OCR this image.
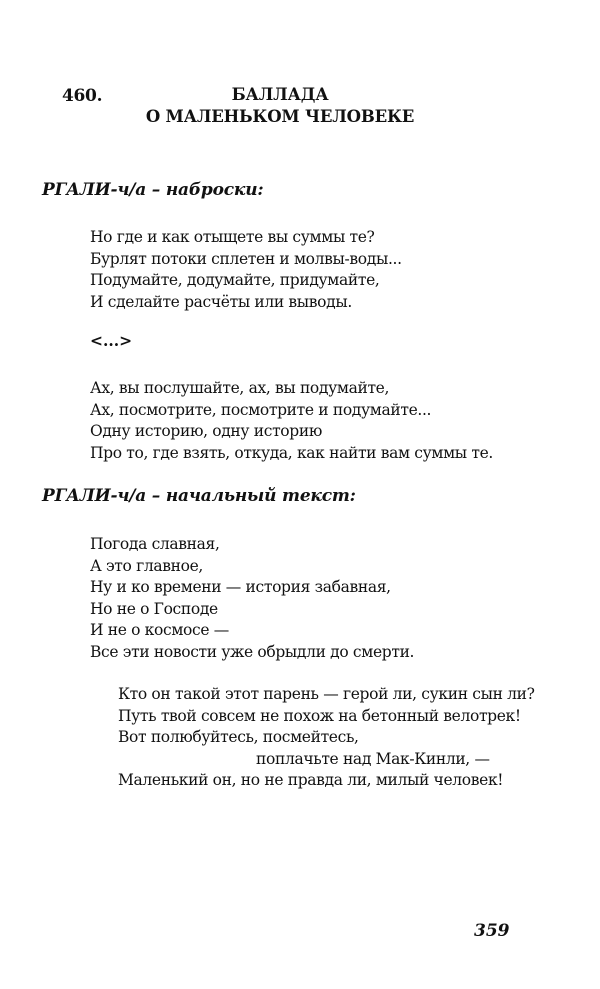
460.	БАЛЛАДА
О МАЛЕНЬКОМ ЧЕЛОВЕКЕ
РГАЛИ-ч/а – наброски:
Но где и как отыщете вы суммы те?
Бурлят потоки сплетен и молвы-воды...
Подумайте, додумайте, придумайте,
И сделайте расчёты или выводы.
<...>
Ах, вы послушайте, ах, вы подумайте,
Ах, посмотрите, посмотрите и подумайте...
Одну историю, одну историю
Про то, где взять, откуда, как найти вам суммы те.
РГАЛИ-ч/а – начальный текст:
Погода славная,
А это главное,
Ну и ко времени — история забавная,
Но не о Господе
И не о космосе —
Все эти новости уже обрыдли до смерти.
Кто он такой этот парень — герой ли, сукин сын ли?
Путь твой совсем не похож на бетонный велотрек!
Вот полюбуйтесь, посмейтесь,
поплачьте над Мак-Кинли, —
Маленький он, но не правда ли, милый человек!
359
